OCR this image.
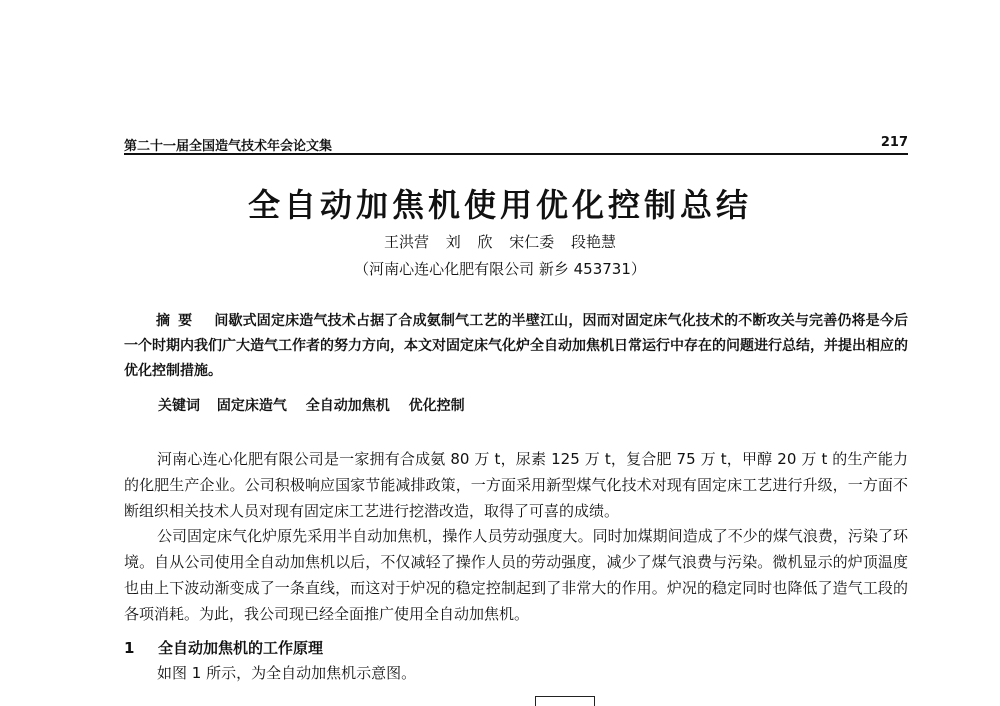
第二十一届全国造气技术年会论文集	217
全自动加焦机使用优化控制总结
王洪营 刘 欣 宋仁委 段艳慧
（河南心连心化肥有限公司 新乡 453731）
摘要 间歇式固定床造气技术占据了合成氨制气工艺的半壁江山，因而对固定床气化技术的不断攻关与完善仍将是今后一个时期内我们广大造气工作者的努力方向，本文对固定床气化炉全自动加焦机日常运行中存在的问题进行总结，并提出相应的优化控制措施。
关键词 固定床造气 全自动加焦机 优化控制

河南心连心化肥有限公司是一家拥有合成氨 80 万 t，尿素 125 万 t，复合肥 75 万 t，甲醇 20 万 t 的生产能力的化肥生产企业。公司积极响应国家节能减排政策，一方面采用新型煤气化技术对现有固定床工艺进行升级，一方面不断组织相关技术人员对现有固定床工艺进行挖潜改造，取得了可喜的成绩。

公司固定床气化炉原先采用半自动加焦机，操作人员劳动强度大。同时加煤期间造成了不少的煤气浪费，污染了环境。自从公司使用全自动加焦机以后，不仅减轻了操作人员的劳动强度，减少了煤气浪费与污染。微机显示的炉顶温度也由上下波动渐变成了一条直线，而这对于炉况的稳定控制起到了非常大的作用。炉况的稳定同时也降低了造气工段的各项消耗。为此，我公司现已经全面推广使用全自动加焦机。

1 全自动加焦机的工作原理
如图 1 所示，为全自动加焦机示意图。
